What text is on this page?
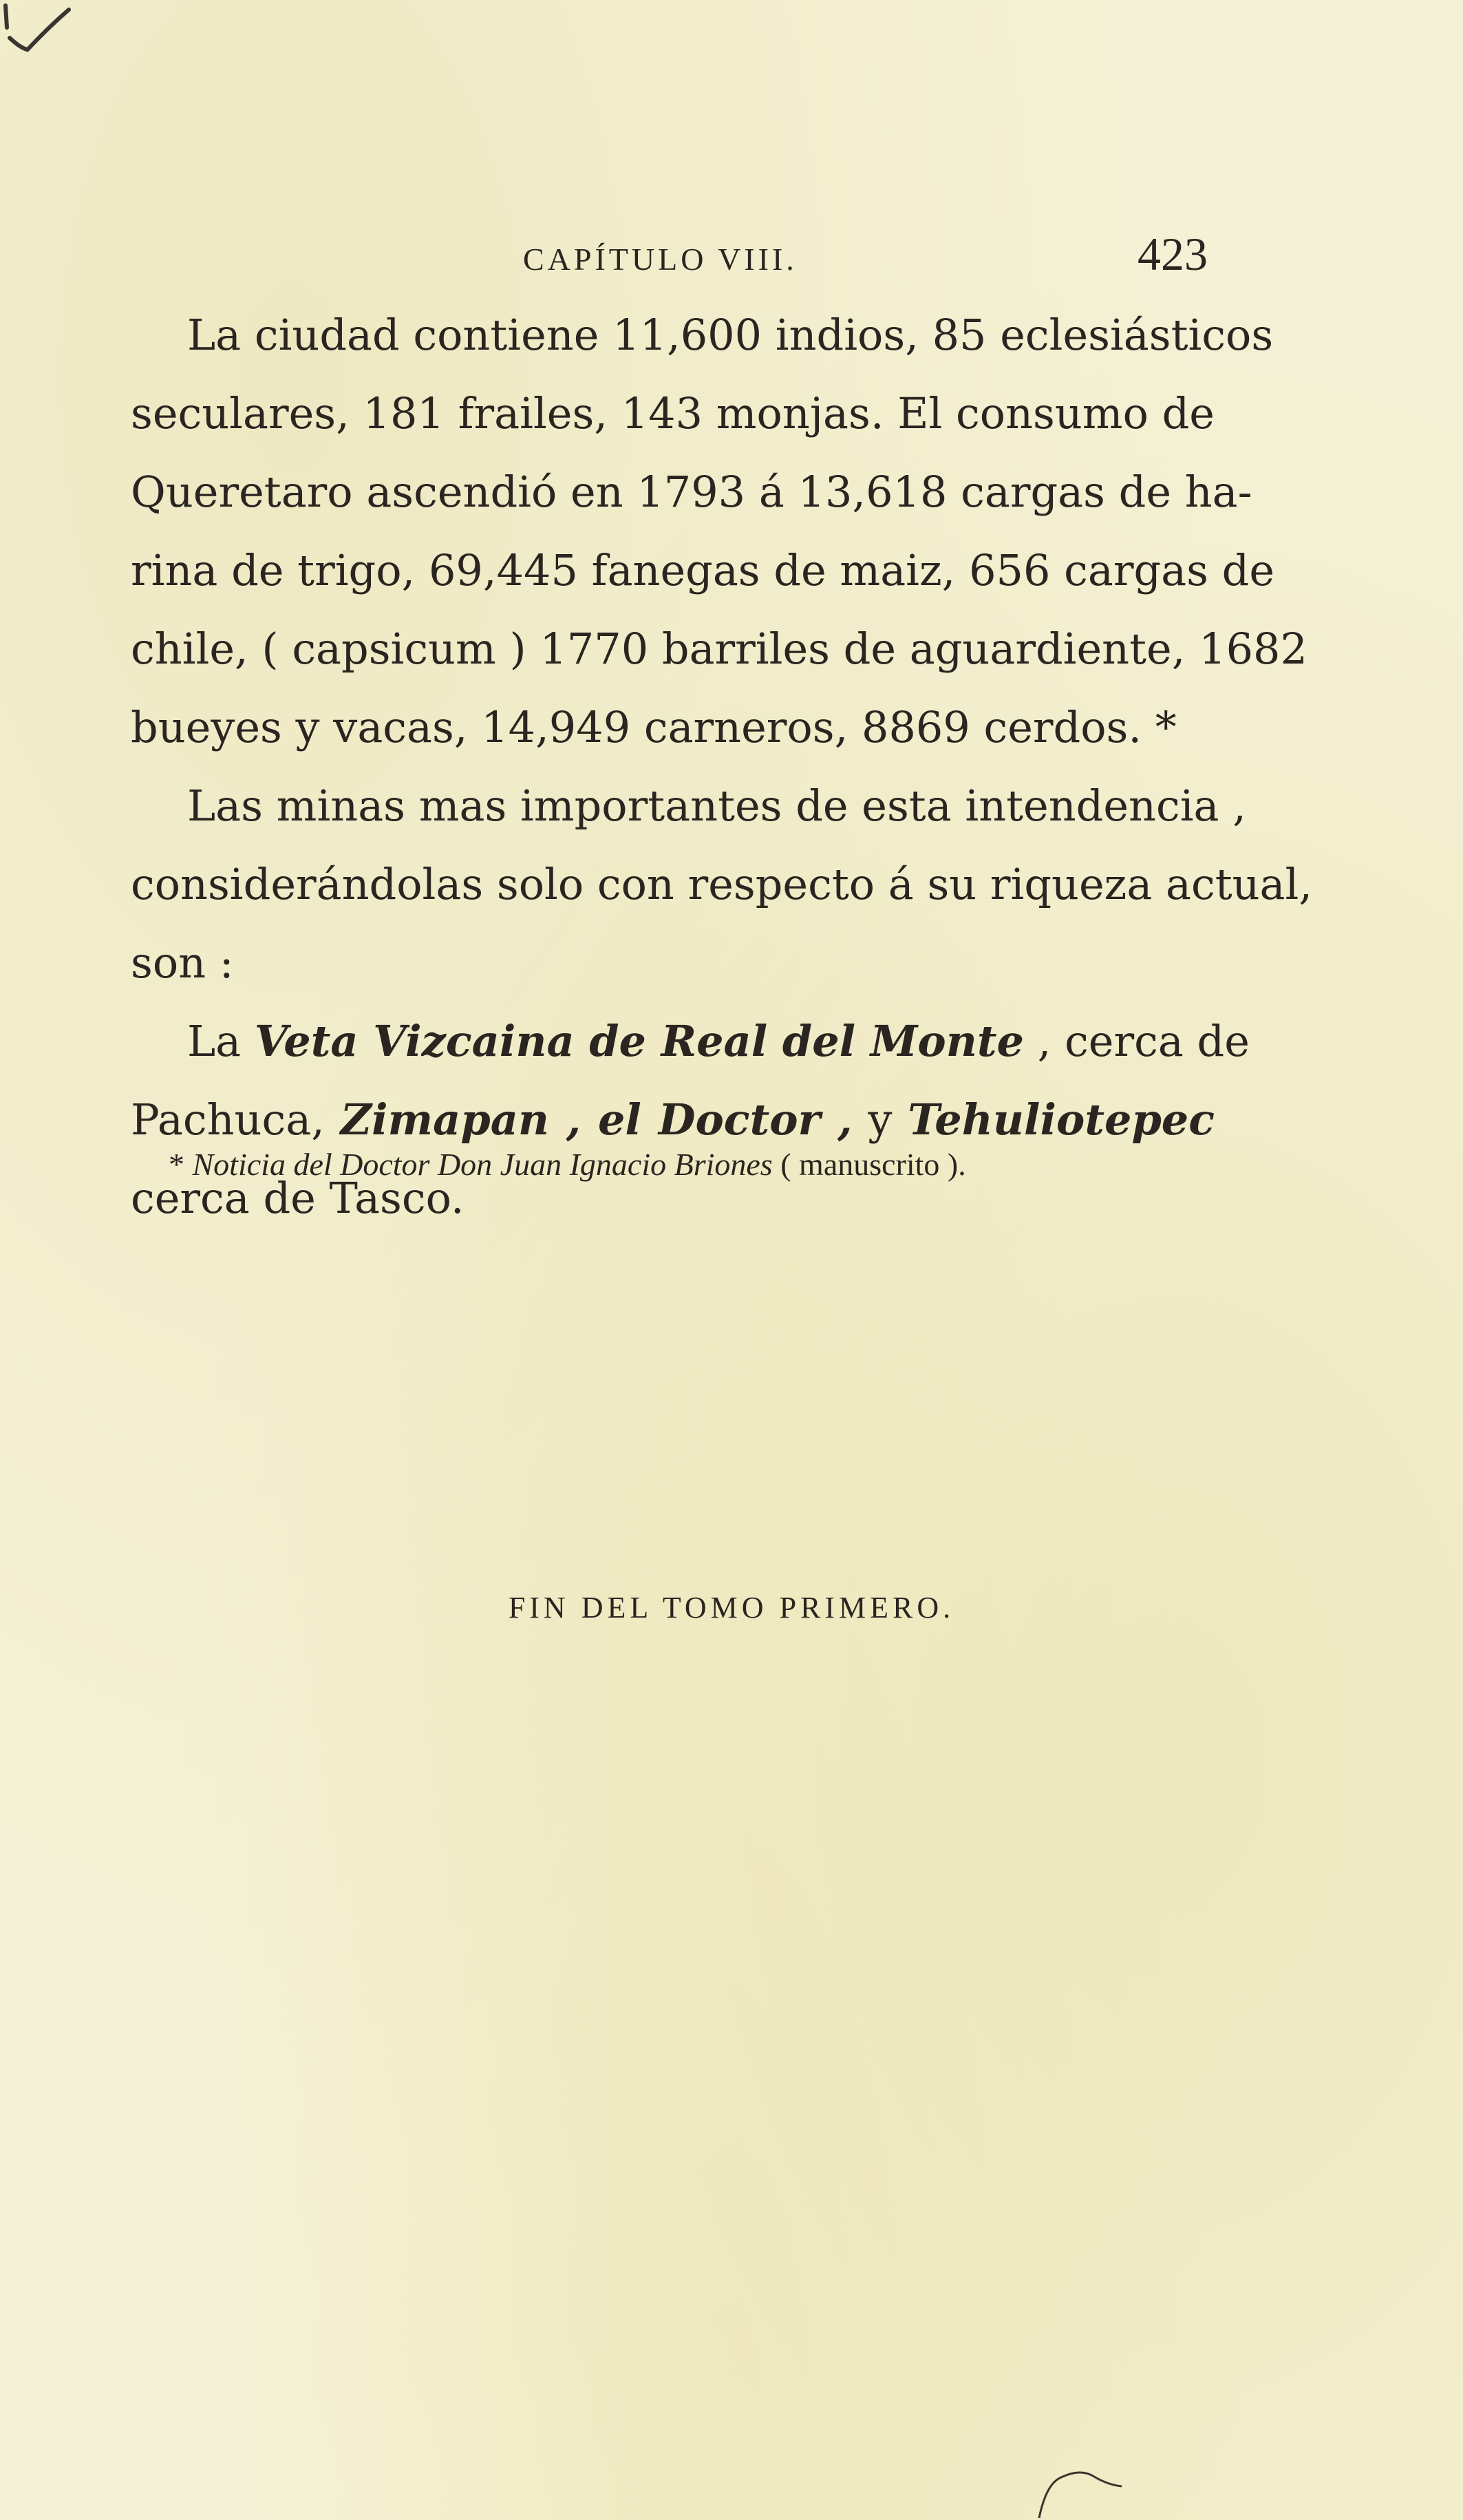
CAPÍTULO VIII.	423
La ciudad contiene 11,600 indios, 85 eclesiásticos
seculares, 181 frailes, 143 monjas. El consumo de
Queretaro ascendió en 1793 á 13,618 cargas de ha-
rina de trigo, 69,445 fanegas de maiz, 656 cargas de
chile, ( capsicum ) 1770 barriles de aguardiente, 1682
bueyes y vacas, 14,949 carneros, 8869 cerdos. *
Las minas mas importantes de esta intendencia ,
considerándolas solo con respecto á su riqueza actual,
son :
La Veta Vizcaina de Real del Monte , cerca de
Pachuca, Zimapan , el Doctor , y Tehuliotepec
cerca de Tasco.
* Noticia del Doctor Don Juan Ignacio Briones ( manuscrito ).
FIN DEL TOMO PRIMERO.
